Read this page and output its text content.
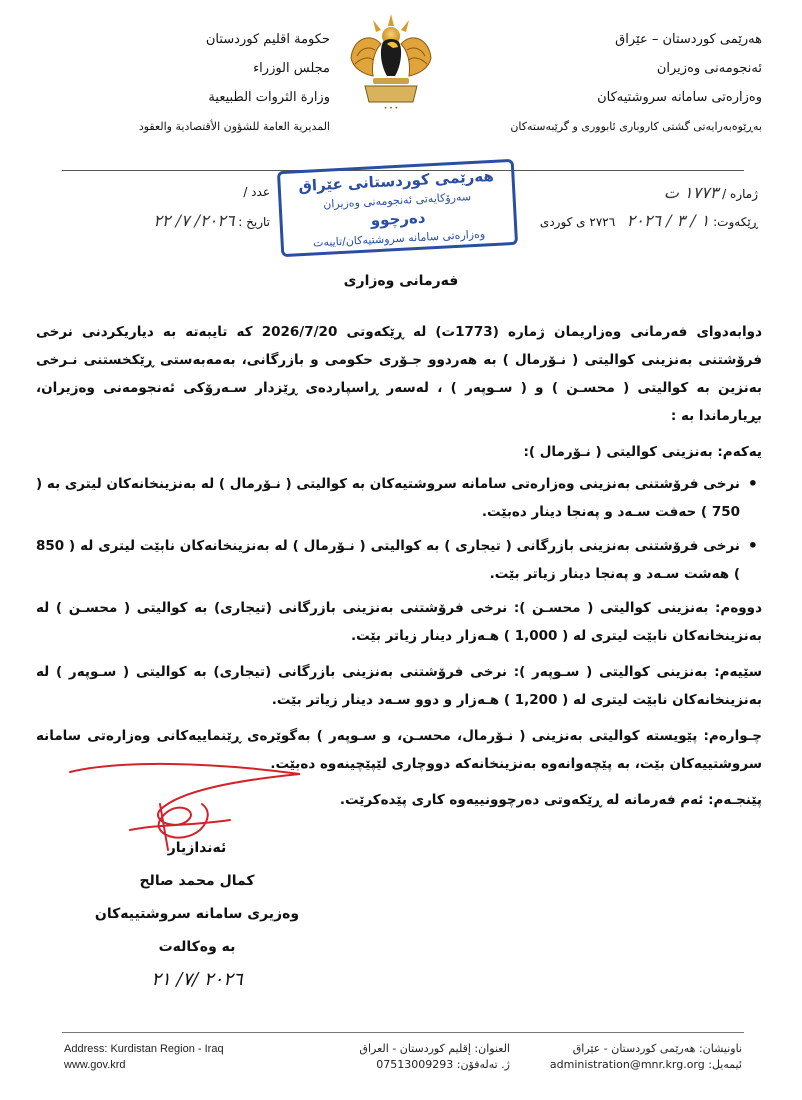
هەرێمی کوردستان – عێراق
ئەنجومەنی وەزیران
وەزارەتی سامانە سروشتیەکان
بەڕێوەبەرایەتی گشتی کاروباری ئابووری و گرێبەستەکان
حكومة اقليم كوردستان
مجلس الوزراء
وزارة الثروات الطبيعية
المديرية العامة للشؤون الأقتصادية والعقود
• • •
ژمارە / ١٧٧٣ ت
ڕێکەوت: ١ / ٣ / ٢٠٢٦   ٢٧٢٦ ی کوردی
عدد /
تاريخ : ٢٠٢٦/ ٧/ ٢٢
هەرێمی کوردستانی عێراق
سەرۆکایەتی ئەنجومەنی وەزیران
دەرچوو
وەزارەتی سامانە سروشتیەکان/تایبەت
فەرمانی وەزاری
دوابەدوای فەرمانی وەزاریمان ژمارە (1773ت) لە ڕێکەوتی 2026/7/20 کە تایبەتە بە دیاریکردنی نرخی فرۆشتنی بەنزینی کوالیتی ( نـۆرمال ) بە هەردوو جـۆری حکومی و بازرگانی، بەمەبەستی ڕێکخستنی نـرخی بەنزین بە کوالیتی ( محسـن ) و ( سـوپەر ) ، لەسەر ڕاسپاردەی ڕێزدار سـەرۆکی ئەنجومەنی وەزیران، بڕیارماندا بە :
یەکەم: بەنزینی کوالیتی ( نـۆرمال ):
• نرخی فرۆشتنی بەنزینی وەزارەتی سامانە سروشتیەکان بە کوالیتی ( نـۆرمال ) لە بەنزینخانەکان لیتری بە ( 750 ) حەفت سـەد و پەنجا دینار دەبێت.
• نرخی فرۆشتنی بەنزینی بازرگانی ( تیجاری ) بە کوالیتی ( نـۆرمال ) لە بەنزینخانەکان نابێت لیتری لە ( 850 ) هەشت سـەد و پەنجا دینار زیاتر بێت.
دووەم: بەنزینی کوالیتی ( محسـن ): نرخی فرۆشتنی بەنزینی بازرگانی (تیجاری) بە کوالیتی ( محسـن ) لە بەنزینخانەکان نابێت لیتری لە ( 1,000 ) هـەزار دینار زیاتر بێت.
سێیەم: بەنزینی کوالیتی ( سـوپەر ): نرخی فرۆشتنی بەنزینی بازرگانی (تیجاری) بە کوالیتی ( سـوپەر ) لە بەنزینخانەکان نابێت لیتری لە ( 1,200 ) هـەزار و دوو سـەد دینار زیاتر بێت.
چـوارەم: پێویستە کوالیتی بەنزینی ( نـۆرمال، محسـن، و سـوپەر ) بەگوێرەی ڕێنماییەکانی وەزارەتی سامانە سروشتییەکان بێت، بە پێچەوانەوە بەنزینخانەکە دووچاری لێپێچینەوە دەبێت.
پێنجـەم: ئەم فەرمانە لە ڕێکەوتی دەرچوونییەوە کاری پێدەکرێت.
ئەندازیار
کمال محمد صالح
وەزیری سامانە سروشتییەکان
بە وەکالەت
٢٠٢٦ /٧/ ٢١
Address: Kurdistan Region - Iraq
www.gov.krd
العنوان: إقليم كوردستان - العراق
ژ. تەلەفۆن: 07513009293
ناونیشان: هەرێمی کوردستان - عێراق
ئیمەیل: administration@mnr.krg.org
